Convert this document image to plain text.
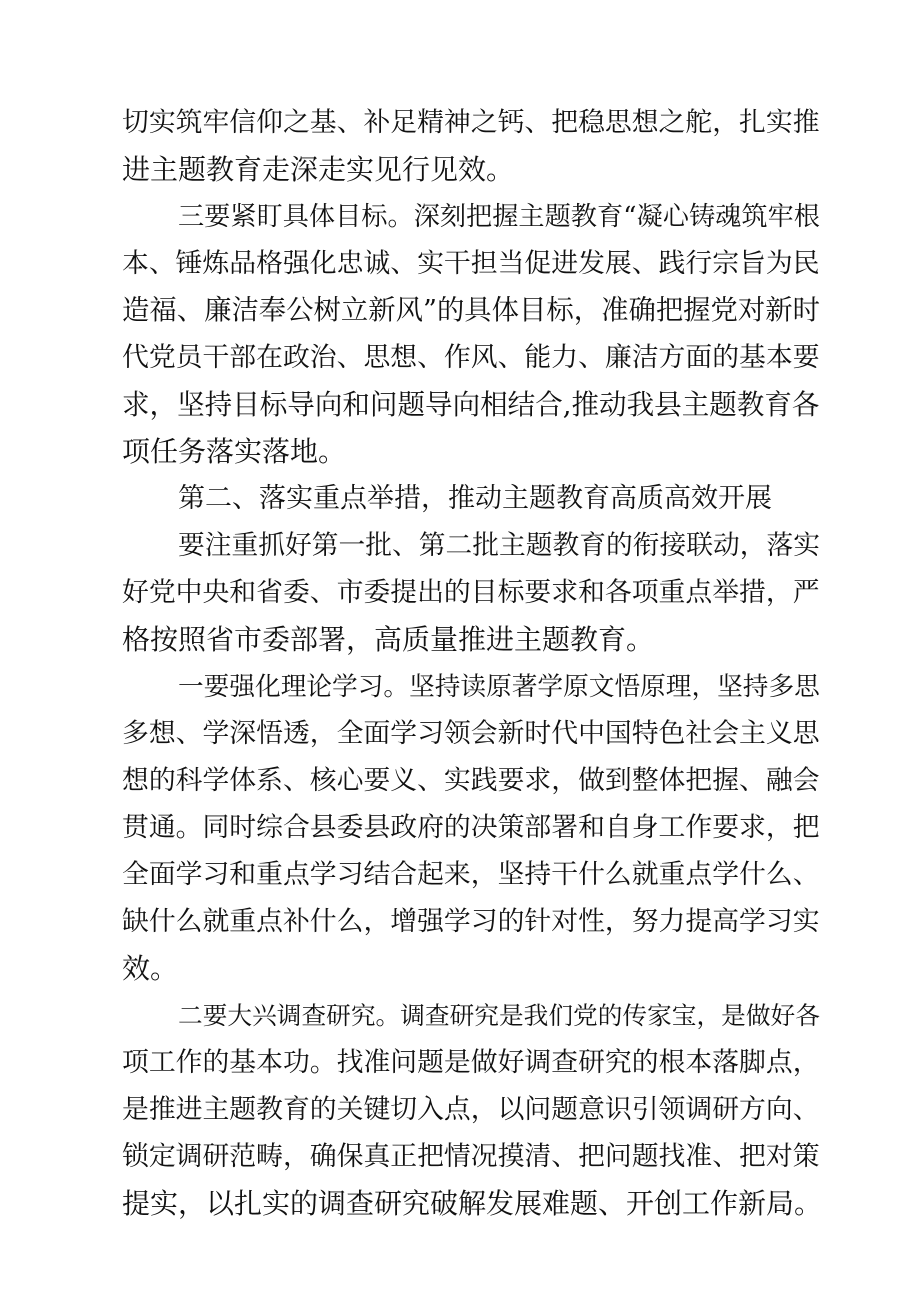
切实筑牢信仰之基、补足精神之钙、把稳思想之舵，扎实推

进主题教育走深走实见行见效。

三要紧盯具体目标。深刻把握主题教育“凝心铸魂筑牢根

本、锤炼品格强化忠诚、实干担当促进发展、践行宗旨为民

造福、廉洁奉公树立新风”的具体目标，准确把握党对新时

代党员干部在政治、思想、作风、能力、廉洁方面的基本要

求，坚持目标导向和问题导向相结合,推动我县主题教育各

项任务落实落地。

第二、落实重点举措，推动主题教育高质高效开展

要注重抓好第一批、第二批主题教育的衔接联动，落实

好党中央和省委、市委提出的目标要求和各项重点举措，严

格按照省市委部署，高质量推进主题教育。

一要强化理论学习。坚持读原著学原文悟原理，坚持多思

多想、学深悟透，全面学习领会新时代中国特色社会主义思

想的科学体系、核心要义、实践要求，做到整体把握、融会

贯通。同时综合县委县政府的决策部署和自身工作要求，把

全面学习和重点学习结合起来，坚持干什么就重点学什么、

缺什么就重点补什么，增强学习的针对性，努力提高学习实

效。

二要大兴调查研究。调查研究是我们党的传家宝，是做好各

项工作的基本功。找准问题是做好调查研究的根本落脚点，

是推进主题教育的关键切入点，以问题意识引领调研方向、

锁定调研范畴，确保真正把情况摸清、把问题找准、把对策

提实，以扎实的调查研究破解发展难题、开创工作新局。
